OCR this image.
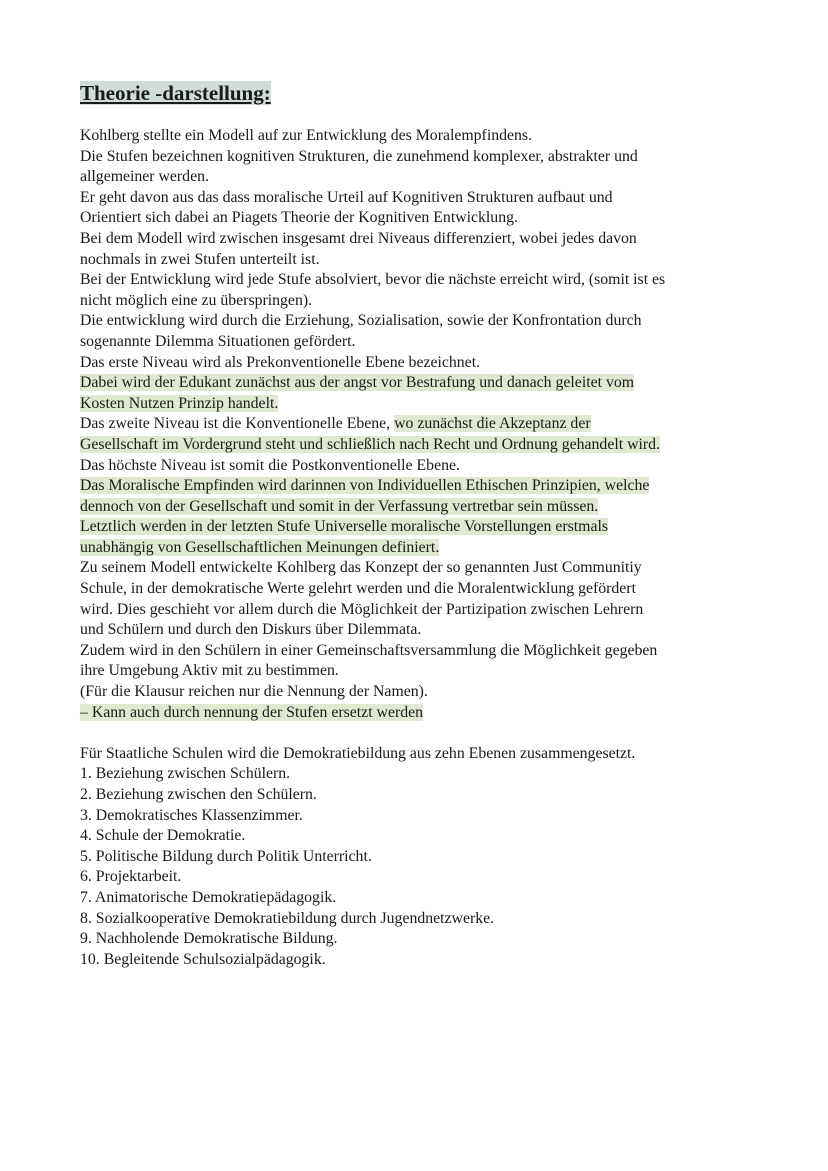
Theorie -darstellung:
Kohlberg stellte ein Modell auf zur Entwicklung des Moralempfindens.
Die Stufen bezeichnen kognitiven Strukturen, die zunehmend komplexer, abstrakter und
allgemeiner werden.
Er geht davon aus das dass moralische Urteil auf Kognitiven Strukturen aufbaut und
Orientiert sich dabei an Piagets Theorie der Kognitiven Entwicklung.
Bei dem Modell wird zwischen insgesamt drei Niveaus differenziert, wobei jedes davon
nochmals in zwei Stufen unterteilt ist.
Bei der Entwicklung wird jede Stufe absolviert, bevor die nächste erreicht wird, (somit ist es
nicht möglich eine zu überspringen).
Die entwicklung wird durch die Erziehung, Sozialisation, sowie der Konfrontation durch
sogenannte Dilemma Situationen gefördert.
Das erste Niveau wird als Prekonventionelle Ebene bezeichnet.
Dabei wird der Edukant zunächst aus der angst vor Bestrafung und danach geleitet vom
Kosten Nutzen Prinzip handelt.
Das zweite Niveau ist die Konventionelle Ebene, wo zunächst die Akzeptanz der
Gesellschaft im Vordergrund steht und schließlich nach Recht und Ordnung gehandelt wird.
Das höchste Niveau ist somit die Postkonventionelle Ebene.
Das Moralische Empfinden wird darinnen von Individuellen Ethischen Prinzipien, welche
dennoch von der Gesellschaft und somit in der Verfassung vertretbar sein müssen.
Letztlich werden in der letzten Stufe Universelle moralische Vorstellungen erstmals
unabhängig von Gesellschaftlichen Meinungen definiert.
Zu seinem Modell entwickelte Kohlberg das Konzept der so genannten Just Communitiy
Schule, in der demokratische Werte gelehrt werden und die Moralentwicklung gefördert
wird. Dies geschieht vor allem durch die Möglichkeit der Partizipation zwischen Lehrern
und Schülern und durch den Diskurs über Dilemmata.
Zudem wird in den Schülern in einer Gemeinschaftsversammlung die Möglichkeit gegeben
ihre Umgebung Aktiv mit zu bestimmen.
(Für die Klausur reichen nur die Nennung der Namen).
– Kann auch durch nennung der Stufen ersetzt werden
Für Staatliche Schulen wird die Demokratiebildung aus zehn Ebenen zusammengesetzt.
1. Beziehung zwischen Schülern.
2. Beziehung zwischen den Schülern.
3. Demokratisches Klassenzimmer.
4. Schule der Demokratie.
5. Politische Bildung durch Politik Unterricht.
6. Projektarbeit.
7. Animatorische Demokratiepädagogik.
8. Sozialkooperative Demokratiebildung durch Jugendnetzwerke.
9. Nachholende Demokratische Bildung.
10. Begleitende Schulsozialpädagogik.
